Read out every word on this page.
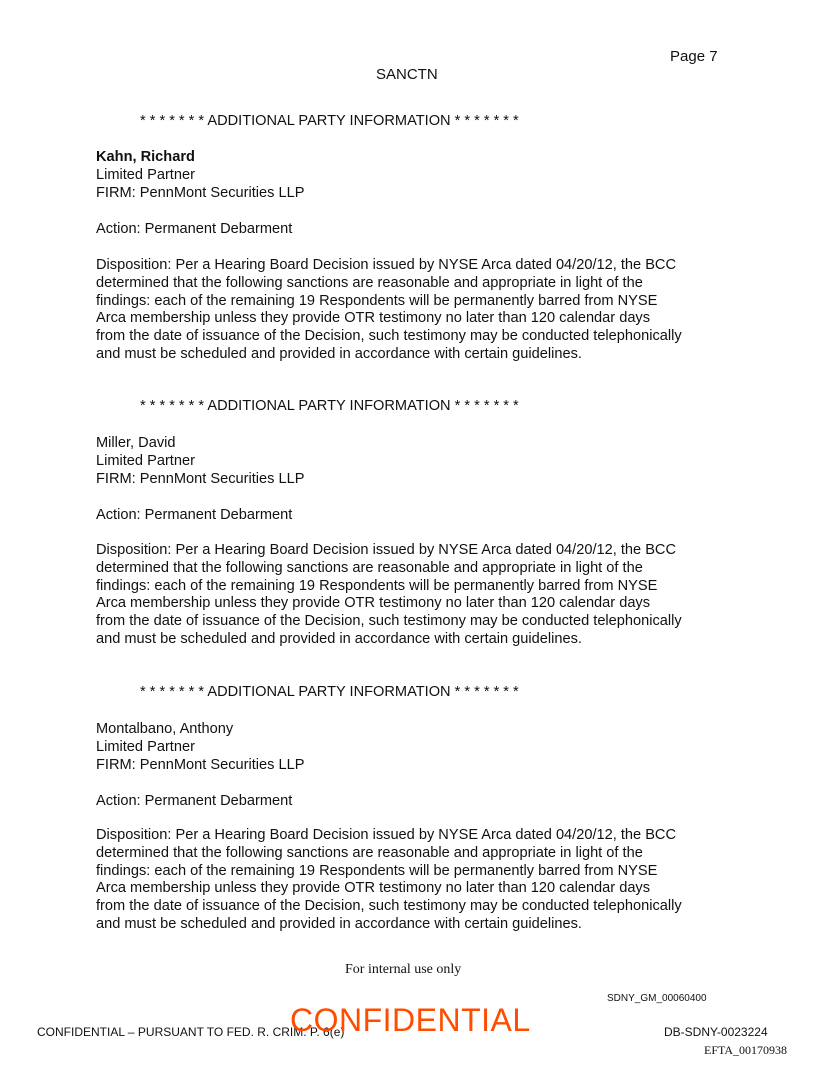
Page 7
SANCTN
* * * * * * * ADDITIONAL PARTY INFORMATION * * * * * * *
Kahn, Richard
Limited Partner
FIRM: PennMont Securities LLP
Action: Permanent Debarment
Disposition: Per a Hearing Board Decision issued by NYSE Arca dated 04/20/12, the BCC
determined that the following sanctions are reasonable and appropriate in light of the
findings: each of the remaining 19 Respondents will be permanently barred from NYSE
Arca membership unless they provide OTR testimony no later than 120 calendar days
from the date of issuance of the Decision, such testimony may be conducted telephonically
and must be scheduled and provided in accordance with certain guidelines.
* * * * * * * ADDITIONAL PARTY INFORMATION * * * * * * *
Miller, David
Limited Partner
FIRM: PennMont Securities LLP
Action: Permanent Debarment
Disposition: Per a Hearing Board Decision issued by NYSE Arca dated 04/20/12, the BCC
determined that the following sanctions are reasonable and appropriate in light of the
findings: each of the remaining 19 Respondents will be permanently barred from NYSE
Arca membership unless they provide OTR testimony no later than 120 calendar days
from the date of issuance of the Decision, such testimony may be conducted telephonically
and must be scheduled and provided in accordance with certain guidelines.
* * * * * * * ADDITIONAL PARTY INFORMATION * * * * * * *
Montalbano, Anthony
Limited Partner
FIRM: PennMont Securities LLP
Action: Permanent Debarment
Disposition: Per a Hearing Board Decision issued by NYSE Arca dated 04/20/12, the BCC
determined that the following sanctions are reasonable and appropriate in light of the
findings: each of the remaining 19 Respondents will be permanently barred from NYSE
Arca membership unless they provide OTR testimony no later than 120 calendar days
from the date of issuance of the Decision, such testimony may be conducted telephonically
and must be scheduled and provided in accordance with certain guidelines.
For internal use only
SDNY_GM_00060400
CONFIDENTIAL – PURSUANT TO FED. R. CRIM. P. 6(e)
CONFIDENTIAL	DB-SDNY-0023224
EFTA_00170938
